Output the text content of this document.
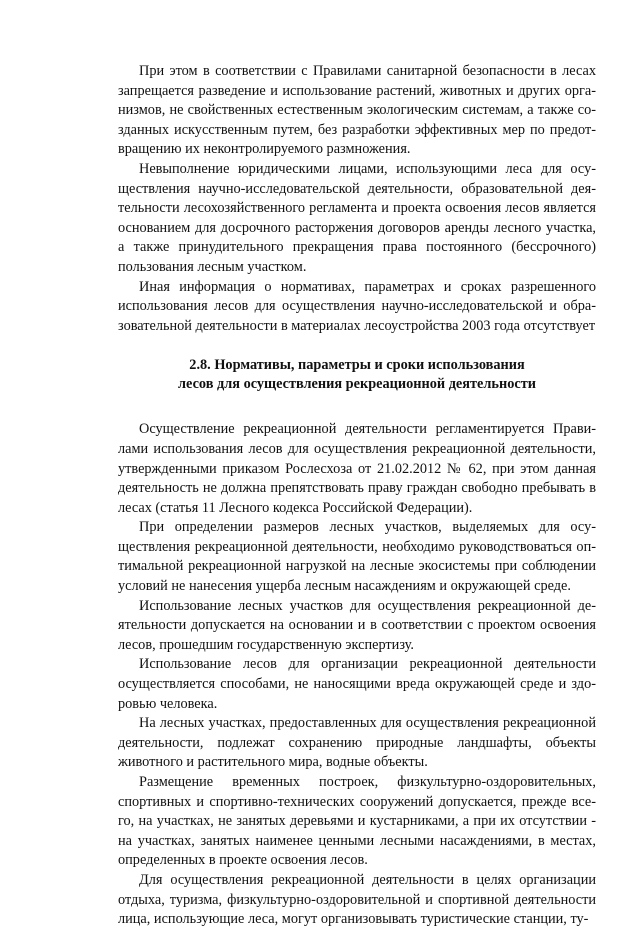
При этом в соответствии с Правилами санитарной безопасности в лесах запрещается разведение и использование растений, животных и других организмов, не свойственных естественным экологическим системам, а также созданных искусственным путем, без разработки эффективных мер по предотвращению их неконтролируемого размножения.

Невыполнение юридическими лицами, использующими леса для осуществления научно-исследовательской деятельности, образовательной деятельности лесохозяйственного регламента и проекта освоения лесов является основанием для досрочного расторжения договоров аренды лесного участка, а также принудительного прекращения права постоянного (бессрочного) пользования лесным участком.

Иная информация о нормативах, параметрах и сроках разрешенного использования лесов для осуществления научно-исследовательской и образовательной деятельности в материалах лесоустройства 2003 года отсутствует

2.8. Нормативы, параметры и сроки использования
лесов для осуществления рекреационной деятельности

Осуществление рекреационной деятельности регламентируется Правилами использования лесов для осуществления рекреационной деятельности, утвержденными приказом Рослесхоза от 21.02.2012 № 62, при этом данная деятельность не должна препятствовать праву граждан свободно пребывать в лесах (статья 11 Лесного кодекса Российской Федерации).

При определении размеров лесных участков, выделяемых для осуществления рекреационной деятельности, необходимо руководствоваться оптимальной рекреационной нагрузкой на лесные экосистемы при соблюдении условий не нанесения ущерба лесным насаждениям и окружающей среде.

Использование лесных участков для осуществления рекреационной деятельности допускается на основании и в соответствии с проектом освоения лесов, прошедшим государственную экспертизу.

Использование лесов для организации рекреационной деятельности осуществляется способами, не наносящими вреда окружающей среде и здоровью человека.

На лесных участках, предоставленных для осуществления рекреационной деятельности, подлежат сохранению природные ландшафты, объекты животного и растительного мира, водные объекты.

Размещение временных построек, физкультурно-оздоровительных, спортивных и спортивно-технических сооружений допускается, прежде всего, на участках, не занятых деревьями и кустарниками, а при их отсутствии - на участках, занятых наименее ценными лесными насаждениями, в местах, определенных в проекте освоения лесов.

Для осуществления рекреационной деятельности в целях организации отдыха, туризма, физкультурно-оздоровительной и спортивной деятельности лица, использующие леса, могут организовывать туристические станции, ту-
